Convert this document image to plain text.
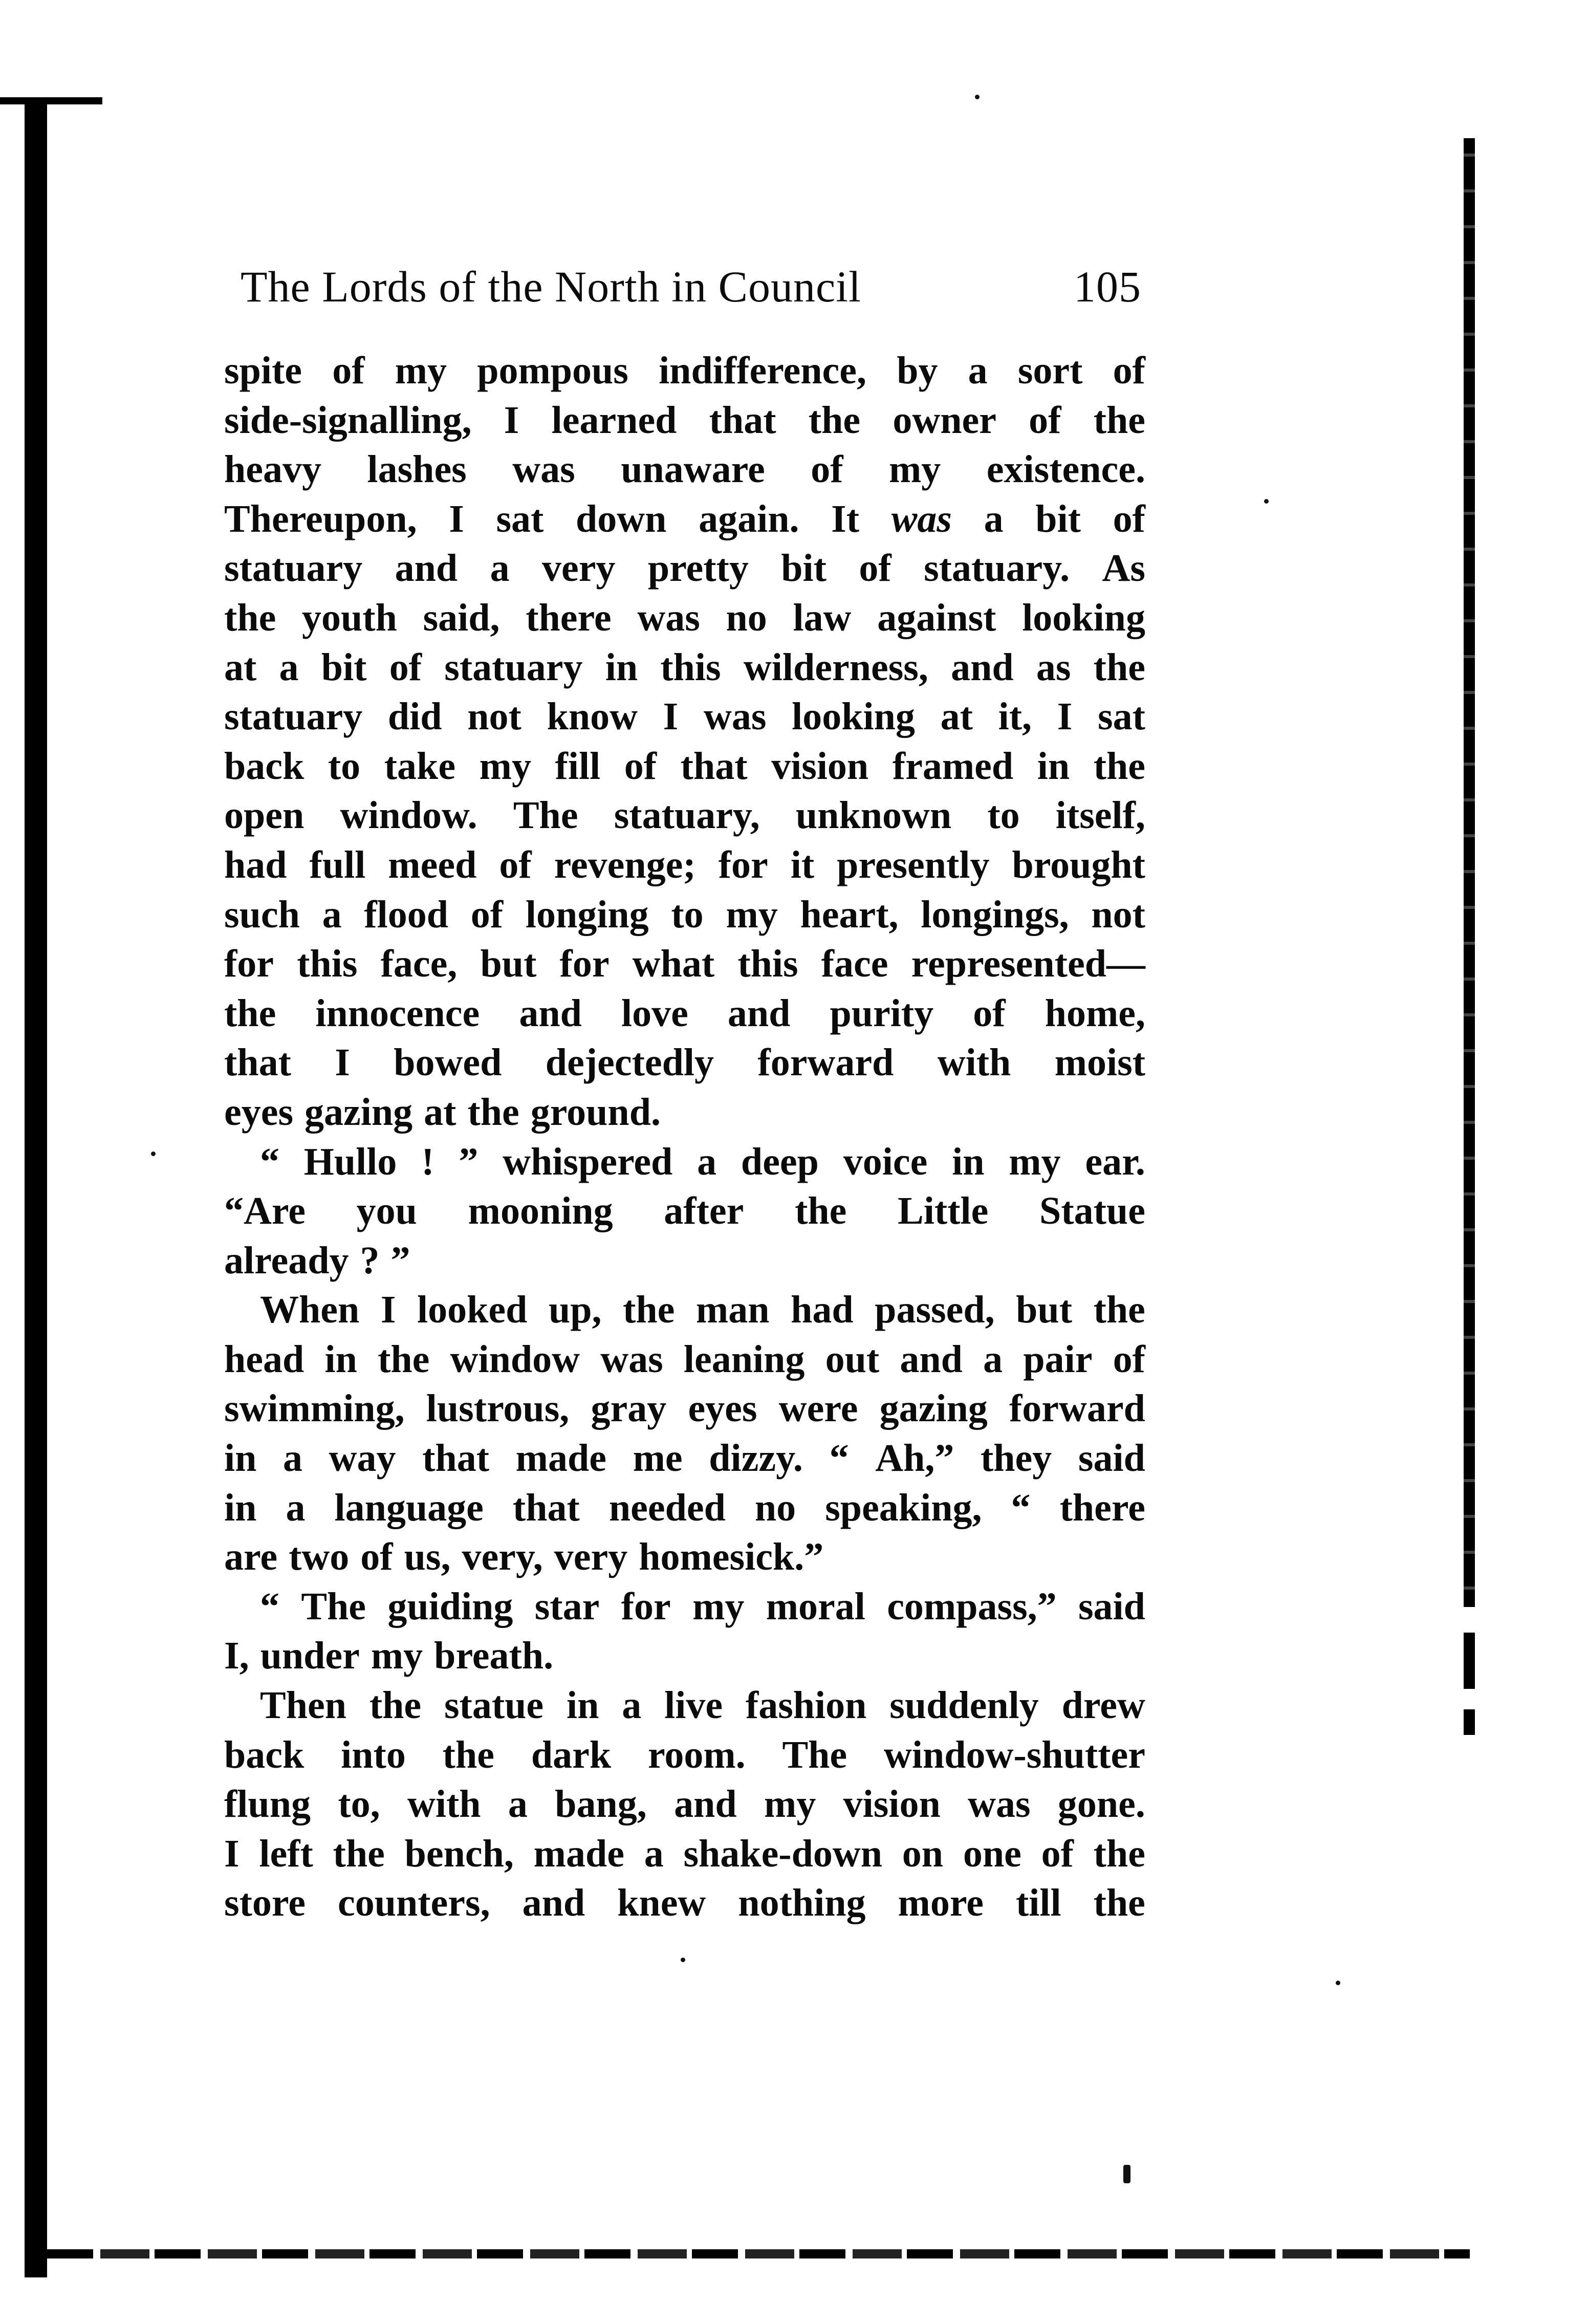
The Lords of the North in Council	105
spite of my pompous indifference, by a sort of
side-signalling, I learned that the owner of the
heavy lashes was unaware of my existence.
Thereupon, I sat down again. It was a bit of
statuary and a very pretty bit of statuary. As
the youth said, there was no law against looking
at a bit of statuary in this wilderness, and as the
statuary did not know I was looking at it, I sat
back to take my fill of that vision framed in the
open window. The statuary, unknown to itself,
had full meed of revenge; for it presently brought
such a flood of longing to my heart, longings, not
for this face, but for what this face represented—
the innocence and love and purity of home,
that I bowed dejectedly forward with moist
eyes gazing at the ground.
“ Hullo ! ” whispered a deep voice in my ear.
“Are you mooning after the Little Statue
already ? ”
When I looked up, the man had passed, but the
head in the window was leaning out and a pair of
swimming, lustrous, gray eyes were gazing forward
in a way that made me dizzy. “ Ah,” they said
in a language that needed no speaking, “ there
are two of us, very, very homesick.”
“ The guiding star for my moral compass,” said
I, under my breath.
Then the statue in a live fashion suddenly drew
back into the dark room. The window-shutter
flung to, with a bang, and my vision was gone.
I left the bench, made a shake-down on one of the
store counters, and knew nothing more till the
